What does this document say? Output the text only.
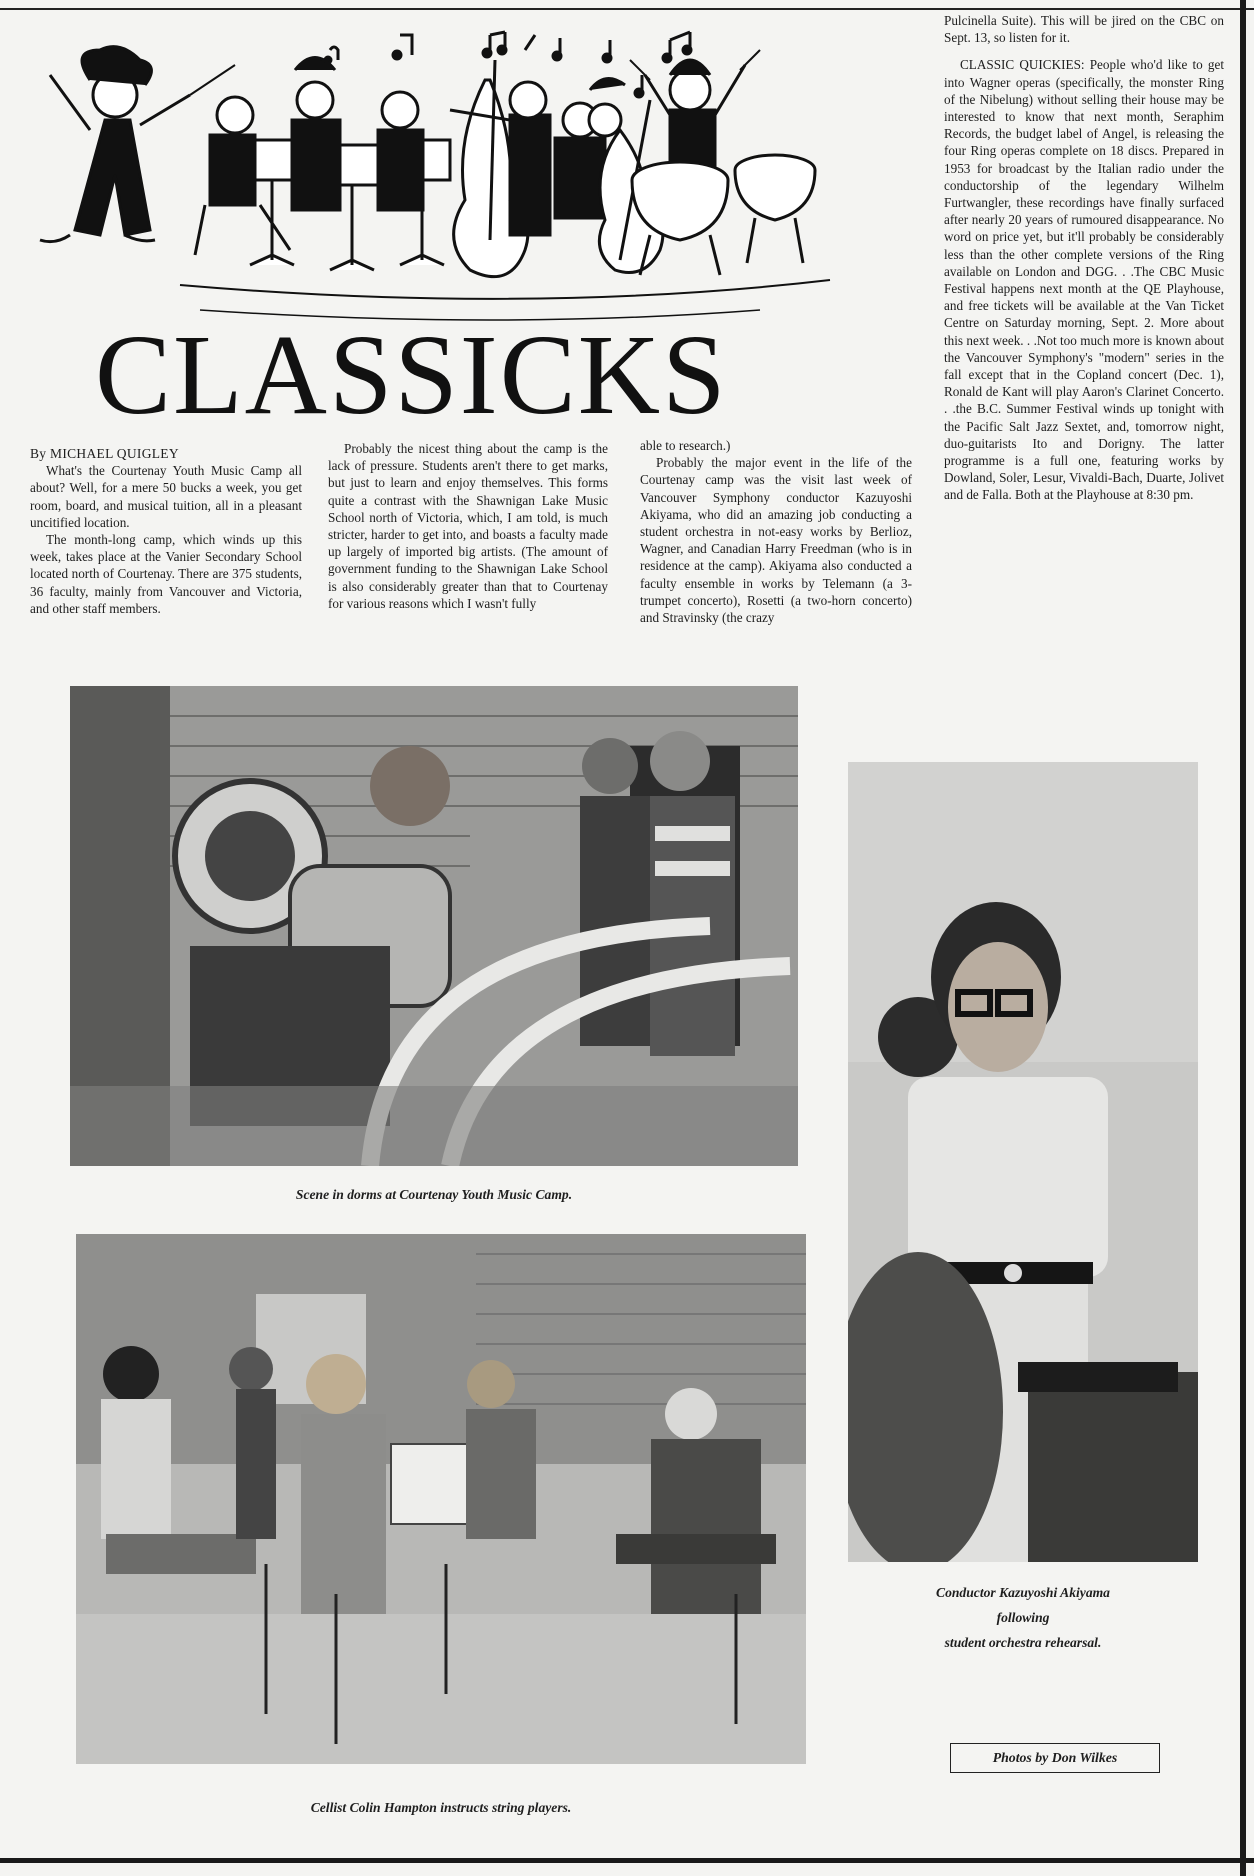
CLASSICKS

By MICHAEL QUIGLEY

What's the Courtenay Youth Music Camp all about? Well, for a mere 50 bucks a week, you get room, board, and musical tuition, all in a pleasant uncitified location.

The month-long camp, which winds up this week, takes place at the Vanier Secondary School located north of Courtenay. There are 375 students, 36 faculty, mainly from Vancouver and Victoria, and other staff members.

Probably the nicest thing about the camp is the lack of pressure. Students aren't there to get marks, but just to learn and enjoy themselves. This forms quite a contrast with the Shawnigan Lake Music School north of Victoria, which, I am told, is much stricter, harder to get into, and boasts a faculty made up largely of imported big artists. (The amount of government funding to the Shawnigan Lake School is also considerably greater than that to Courtenay for various reasons which I wasn't fully

able to research.)

Probably the major event in the life of the Courtenay camp was the visit last week of Vancouver Symphony conductor Kazuyoshi Akiyama, who did an amazing job conducting a student orchestra in not-easy works by Berlioz, Wagner, and Canadian Harry Freedman (who is in residence at the camp). Akiyama also conducted a faculty ensemble in works by Telemann (a 3-trumpet concerto), Rosetti (a two-horn concerto) and Stravinsky (the crazy

Pulcinella Suite). This will be jired on the CBC on Sept. 13, so listen for it.

CLASSIC QUICKIES: People who'd like to get into Wagner operas (specifically, the monster Ring of the Nibelung) without selling their house may be interested to know that next month, Seraphim Records, the budget label of Angel, is releasing the four Ring operas complete on 18 discs. Prepared in 1953 for broadcast by the Italian radio under the conductorship of the legendary Wilhelm Furtwangler, these recordings have finally surfaced after nearly 20 years of rumoured disappearance. No word on price yet, but it'll probably be considerably less than the other complete versions of the Ring available on London and DGG. . .The CBC Music Festival happens next month at the QE Playhouse, and free tickets will be available at the Van Ticket Centre on Saturday morning, Sept. 2. More about this next week. . .Not too much more is known about the Vancouver Symphony's "modern" series in the fall except that in the Copland concert (Dec. 1), Ronald de Kant will play Aaron's Clarinet Concerto. . .the B.C. Summer Festival winds up tonight with the Pacific Salt Jazz Sextet, and, tomorrow night, duo-guitarists Ito and Dorigny. The latter programme is a full one, featuring works by Dowland, Soler, Lesur, Vivaldi-Bach, Duarte, Jolivet and de Falla. Both at the Playhouse at 8:30 pm.

Scene in dorms at Courtenay Youth Music Camp.
Cellist Colin Hampton instructs string players.
Conductor Kazuyoshi Akiyama
following
student orchestra rehearsal.
Photos by Don Wilkes
